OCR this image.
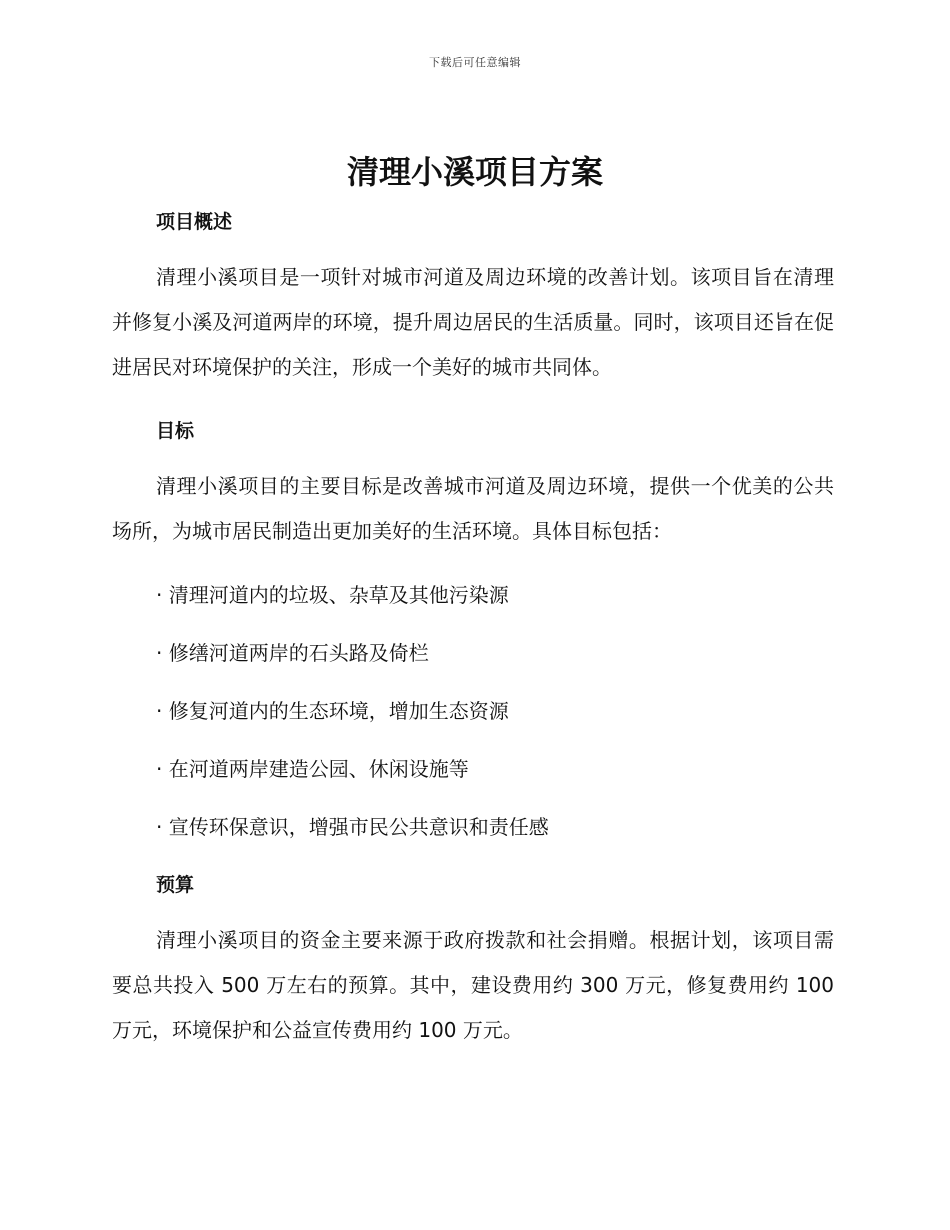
下载后可任意编辑
清理小溪项目方案
项目概述

清理小溪项目是一项针对城市河道及周边环境的改善计划。该项目旨在清理并修复小溪及河道两岸的环境，提升周边居民的生活质量。同时，该项目还旨在促进居民对环境保护的关注，形成一个美好的城市共同体。

目标

清理小溪项目的主要目标是改善城市河道及周边环境，提供一个优美的公共场所，为城市居民制造出更加美好的生活环境。具体目标包括：

· 清理河道内的垃圾、杂草及其他污染源
· 修缮河道两岸的石头路及倚栏
· 修复河道内的生态环境，增加生态资源
· 在河道两岸建造公园、休闲设施等
· 宣传环保意识，增强市民公共意识和责任感
预算

清理小溪项目的资金主要来源于政府拨款和社会捐赠。根据计划，该项目需要总共投入 500 万左右的预算。其中，建设费用约 300 万元，修复费用约 100 万元，环境保护和公益宣传费用约 100 万元。
